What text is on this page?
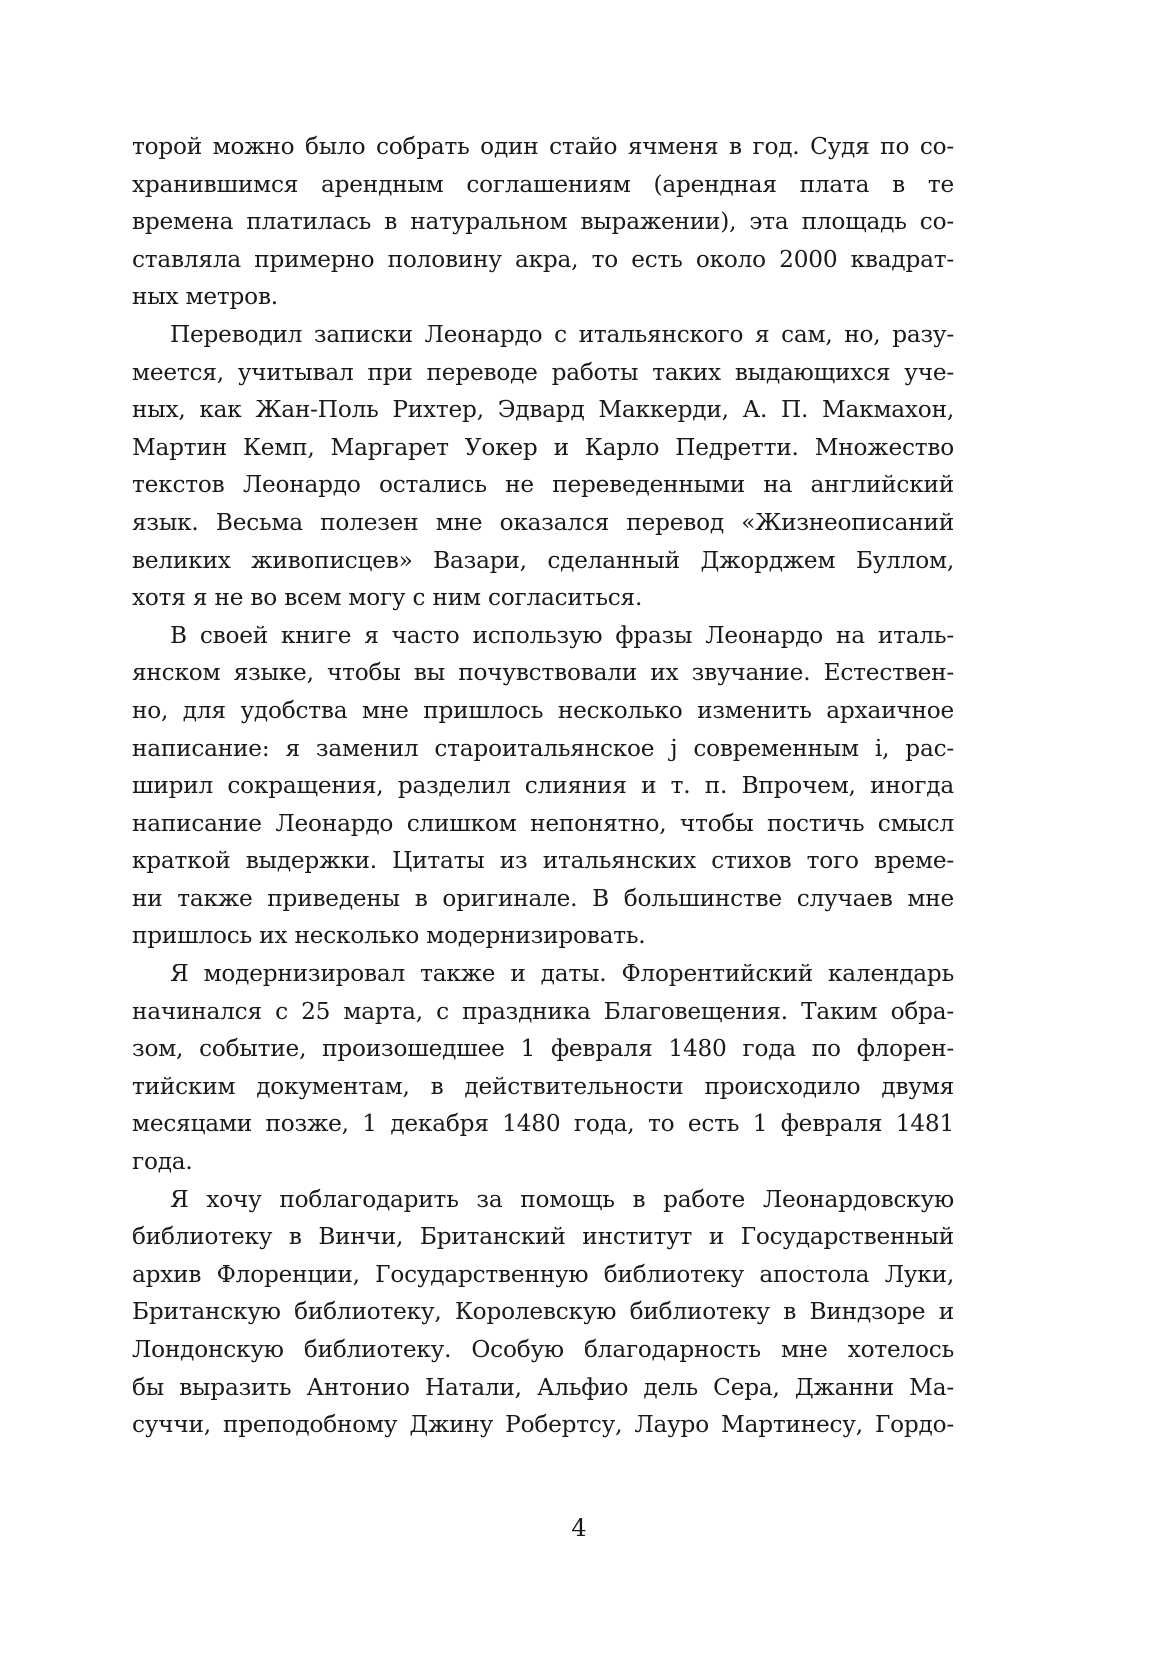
торой можно было собрать один стайо ячменя в год. Судя по со-
хранившимся арендным соглашениям (арендная плата в те
времена платилась в натуральном выражении), эта площадь со-
ставляла примерно половину акра, то есть около 2000 квадрат-
ных метров.
Переводил записки Леонардо с итальянского я сам, но, разу-
меется, учитывал при переводе работы таких выдающихся уче-
ных, как Жан-Поль Рихтер, Эдвард Маккерди, А. П. Макмахон,
Мартин Кемп, Маргарет Уокер и Карло Педретти. Множество
текстов Леонардо остались не переведенными на английский
язык. Весьма полезен мне оказался перевод «Жизнеописаний
великих живописцев» Вазари, сделанный Джорджем Буллом,
хотя я не во всем могу с ним согласиться.
В своей книге я часто использую фразы Леонардо на италь-
янском языке, чтобы вы почувствовали их звучание. Естествен-
но, для удобства мне пришлось несколько изменить архаичное
написание: я заменил староитальянское j современным i, рас-
ширил сокращения, разделил слияния и т. п. Впрочем, иногда
написание Леонардо слишком непонятно, чтобы постичь смысл
краткой выдержки. Цитаты из итальянских стихов того време-
ни также приведены в оригинале. В большинстве случаев мне
пришлось их несколько модернизировать.
Я модернизировал также и даты. Флорентийский календарь
начинался с 25 марта, с праздника Благовещения. Таким обра-
зом, событие, произошедшее 1 февраля 1480 года по флорен-
тийским документам, в действительности происходило двумя
месяцами позже, 1 декабря 1480 года, то есть 1 февраля 1481
года.
Я хочу поблагодарить за помощь в работе Леонардовскую
библиотеку в Винчи, Британский институт и Государственный
архив Флоренции, Государственную библиотеку апостола Луки,
Британскую библиотеку, Королевскую библиотеку в Виндзоре и
Лондонскую библиотеку. Особую благодарность мне хотелось
бы выразить Антонио Натали, Альфио дель Сера, Джанни Ма-
суччи, преподобному Джину Робертсу, Лауро Мартинесу, Гордо-
4
